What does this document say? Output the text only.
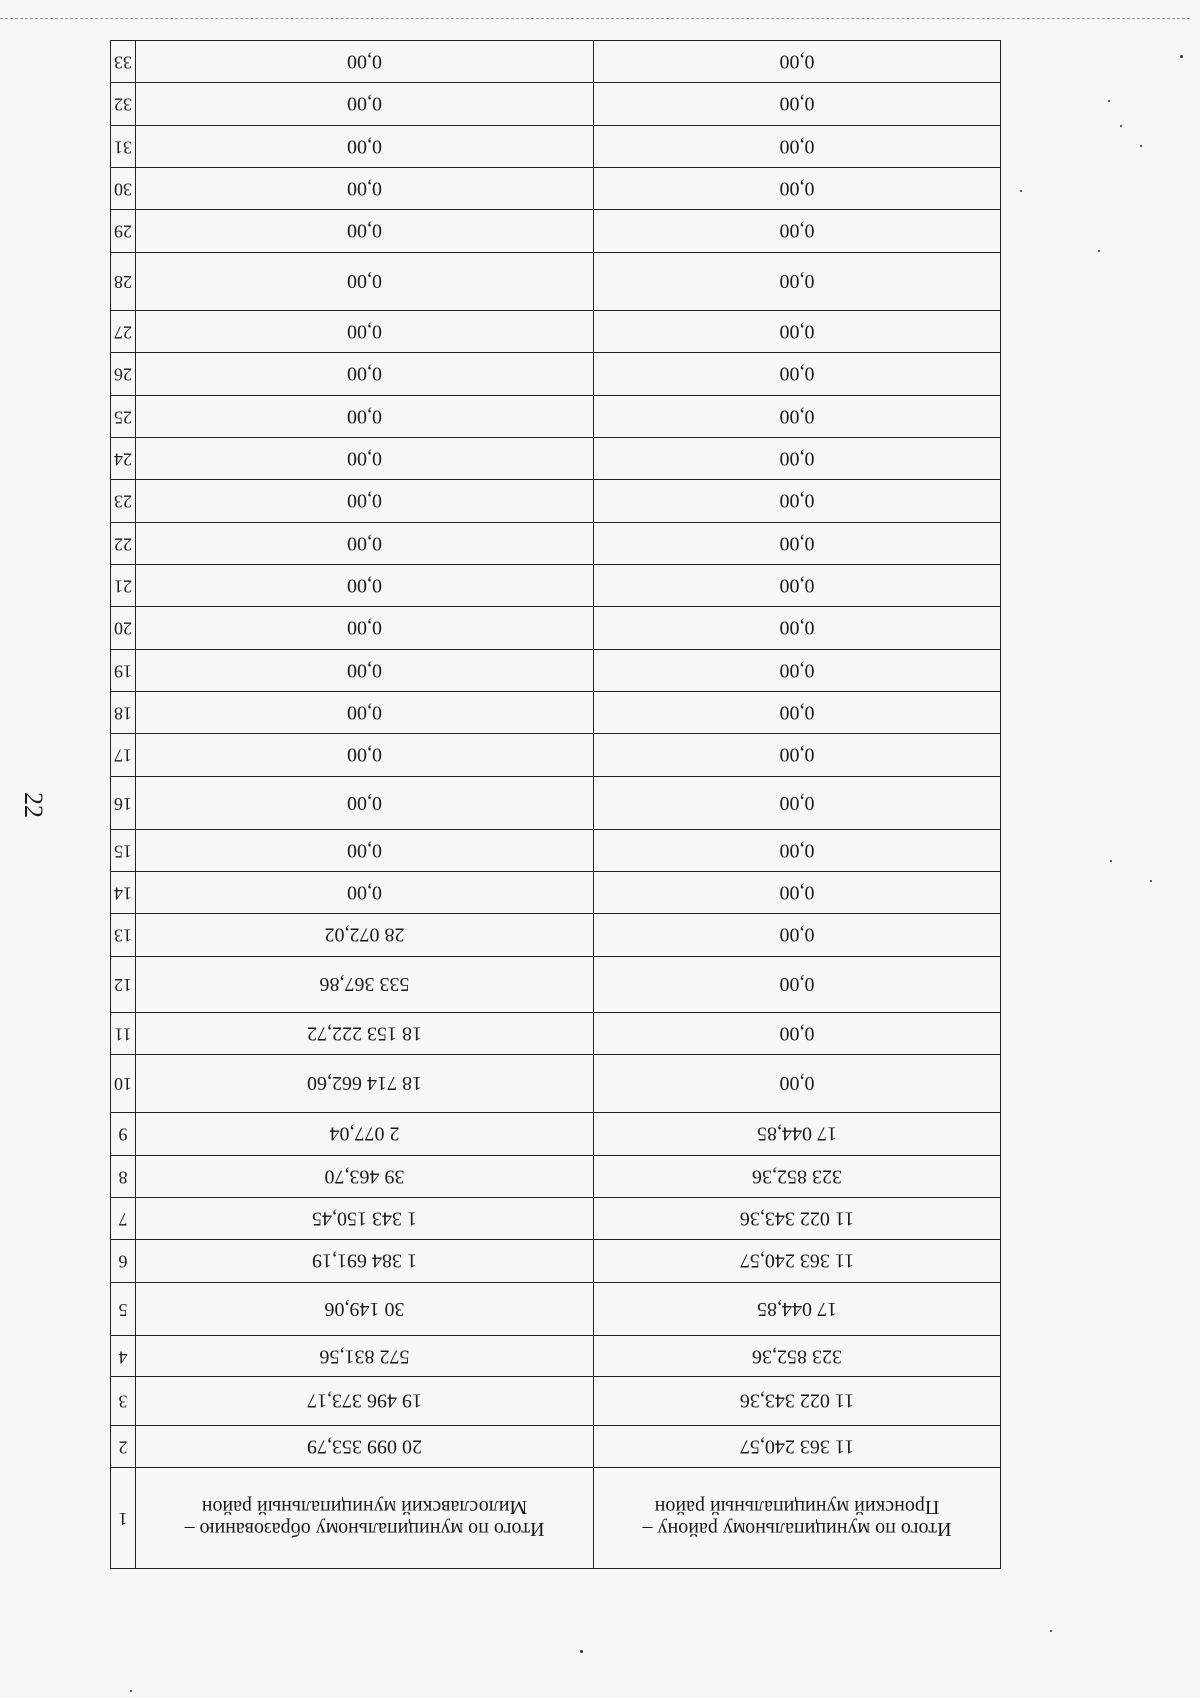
22
33	0,00	0,00

32	0,00	0,00

31	0,00	0,00

30	0,00	0,00

29	0,00	0,00

28	0,00	0,00

27	0,00	0,00

26	0,00	0,00

25	0,00	0,00

24	0,00	0,00

23	0,00	0,00

22	0,00	0,00

21	0,00	0,00

20	0,00	0,00

19	0,00	0,00

18	0,00	0,00

17	0,00	0,00

16	0,00	0,00

15	0,00	0,00

14	0,00	0,00

13	28 072,02	0,00

12	533 367,86	0,00

11	18 153 222,72	0,00

10	18 714 662,60	0,00

9	2 077,04	17 044,85

8	39 463,70	323 852,36

7	1 343 150,45	11 022 343,36

6	1 384 691,19	11 363 240,57

5	30 149,06	17 044,85

4	572 831,56	323 852,36

3	19 496 373,17	11 022 343,36

2	20 099 353,79	11 363 240,57

1	Итого по муниципальному образованию –
Милославский муниципальный район	Итого по муниципальному району –
Пронский муниципальный район
